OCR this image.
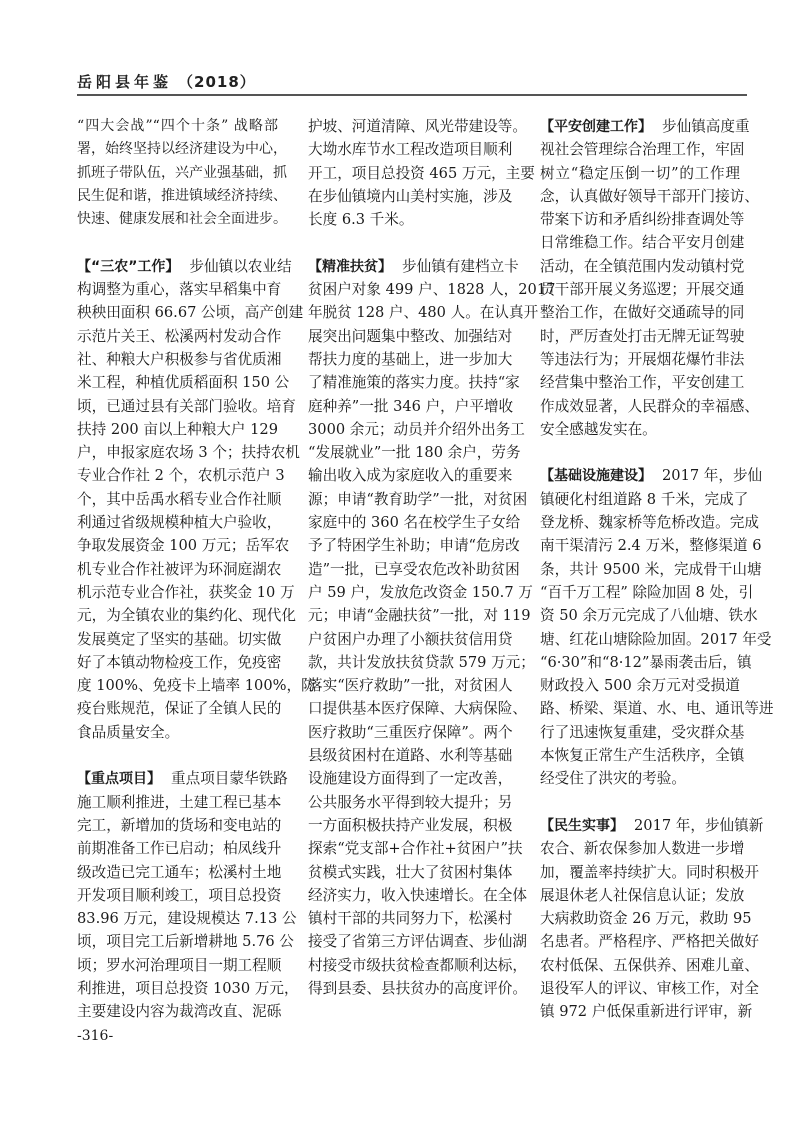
岳阳县年鉴 （2018）
“四大会战”“四个十条” 战略部
署，始终坚持以经济建设为中心，
抓班子带队伍，兴产业强基础，抓
民生促和谐，推进镇域经济持续、
快速、健康发展和社会全面进步。
【“三农”工作】 步仙镇以农业结
构调整为重心，落实早稻集中育
秧秧田面积 66.67 公顷，高产创建
示范片关王、松溪两村发动合作
社、种粮大户积极参与省优质湘
米工程，种植优质稻面积 150 公
顷，已通过县有关部门验收。培育
扶持 200 亩以上种粮大户 129
户，申报家庭农场 3 个；扶持农机
专业合作社 2 个，农机示范户 3
个，其中岳禹水稻专业合作社顺
利通过省级规模种植大户验收，
争取发展资金 100 万元；岳军农
机专业合作社被评为环洞庭湖农
机示范专业合作社，获奖金 10 万
元，为全镇农业的集约化、现代化
发展奠定了坚实的基础。切实做
好了本镇动物检疫工作，免疫密
度 100%、免疫卡上墙率 100%，防
疫台账规范，保证了全镇人民的
食品质量安全。
【重点项目】 重点项目蒙华铁路
施工顺利推进，土建工程已基本
完工，新增加的货场和变电站的
前期准备工作已启动；柏凤线升
级改造已完工通车；松溪村土地
开发项目顺利竣工，项目总投资
83.96 万元，建设规模达 7.13 公
顷，项目完工后新增耕地 5.76 公
顷；罗水河治理项目一期工程顺
利推进，项目总投资 1030 万元，
主要建设内容为裁湾改直、泥砾
护坡、河道清障、风光带建设等。
大坳水库节水工程改造项目顺利
开工，项目总投资 465 万元，主要
在步仙镇境内山美村实施，涉及
长度 6.3 千米。
【精准扶贫】 步仙镇有建档立卡
贫困户对象 499 户、1828 人，2017
年脱贫 128 户、480 人。在认真开
展突出问题集中整改、加强结对
帮扶力度的基础上，进一步加大
了精准施策的落实力度。扶持“家
庭种养”一批 346 户，户平增收
3000 余元；动员并介绍外出务工
“发展就业”一批 180 余户，劳务
输出收入成为家庭收入的重要来
源；申请“教育助学”一批，对贫困
家庭中的 360 名在校学生子女给
予了特困学生补助；申请“危房改
造”一批，已享受农危改补助贫困
户 59 户，发放危改资金 150.7 万
元；申请“金融扶贫”一批，对 119
户贫困户办理了小额扶贫信用贷
款，共计发放扶贫贷款 579 万元；
落实“医疗救助”一批，对贫困人
口提供基本医疗保障、大病保险、
医疗救助“三重医疗保障”。两个
县级贫困村在道路、水利等基础
设施建设方面得到了一定改善，
公共服务水平得到较大提升；另
一方面积极扶持产业发展，积极
探索“党支部+合作社+贫困户”扶
贫模式实践，壮大了贫困村集体
经济实力，收入快速增长。在全体
镇村干部的共同努力下，松溪村
接受了省第三方评估调查、步仙湖
村接受市级扶贫检查都顺利达标，
得到县委、县扶贫办的高度评价。
【平安创建工作】 步仙镇高度重
视社会管理综合治理工作，牢固
树立“稳定压倒一切”的工作理
念，认真做好领导干部开门接访、
带案下访和矛盾纠纷排查调处等
日常维稳工作。结合平安月创建
活动，在全镇范围内发动镇村党
员干部开展义务巡逻；开展交通
整治工作，在做好交通疏导的同
时，严厉查处打击无牌无证驾驶
等违法行为；开展烟花爆竹非法
经营集中整治工作，平安创建工
作成效显著，人民群众的幸福感、
安全感越发实在。
【基础设施建设】 2017 年，步仙
镇硬化村组道路 8 千米，完成了
登龙桥、魏家桥等危桥改造。完成
南干渠清污 2.4 万米，整修渠道 6
条，共计 9500 米，完成骨干山塘
“百千万工程” 除险加固 8 处，引
资 50 余万元完成了八仙塘、铁水
塘、红花山塘除险加固。2017 年受
“6·30”和“8·12”暴雨袭击后，镇
财政投入 500 余万元对受损道
路、桥梁、渠道、水、电、通讯等进
行了迅速恢复重建，受灾群众基
本恢复正常生产生活秩序，全镇
经受住了洪灾的考验。
【民生实事】 2017 年，步仙镇新
农合、新农保参加人数进一步增
加，覆盖率持续扩大。同时积极开
展退休老人社保信息认证；发放
大病救助资金 26 万元，救助 95
名患者。严格程序、严格把关做好
农村低保、五保供养、困难儿童、
退役军人的评议、审核工作，对全
镇 972 户低保重新进行评审，新
-316-
